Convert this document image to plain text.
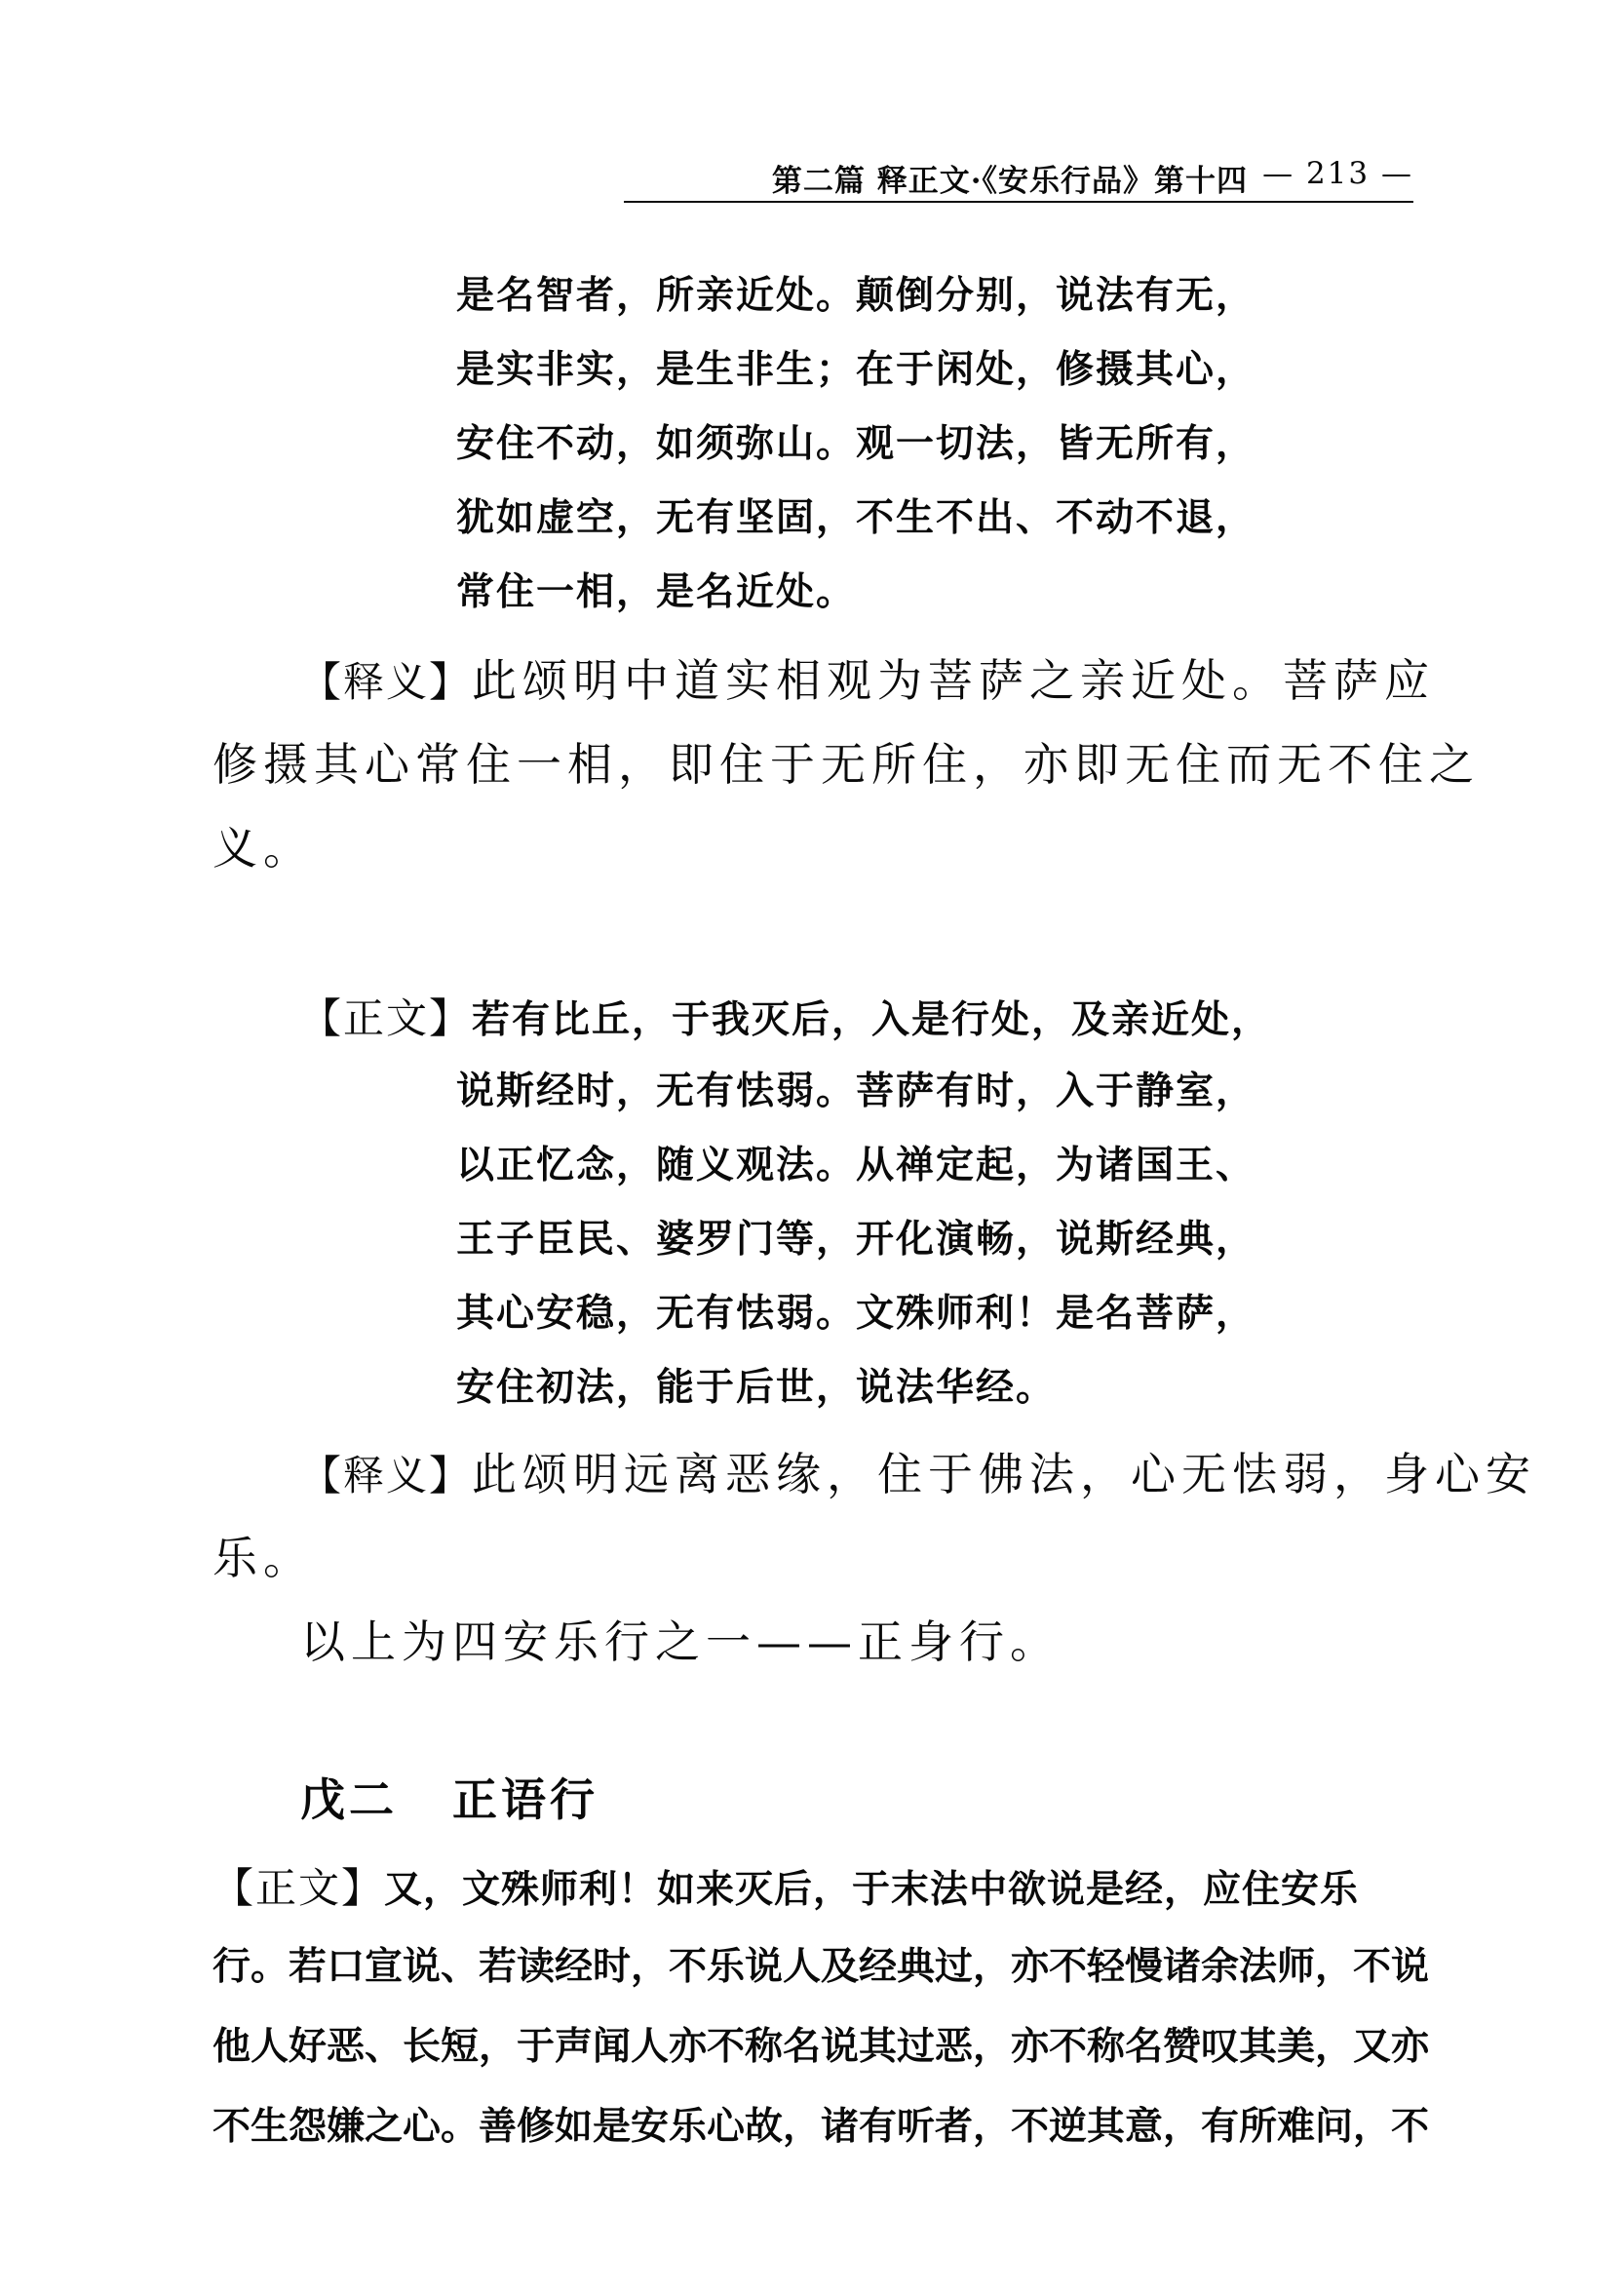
第二篇 释正文·《安乐行品》第十四 — 213 —
是名智者，所亲近处。颠倒分别，说法有无，
是实非实，是生非生；在于闲处，修摄其心，
安住不动，如须弥山。观一切法，皆无所有，
犹如虚空，无有坚固，不生不出、不动不退，
常住一相，是名近处。
【释义】此颂明中道实相观为菩萨之亲近处。菩萨应
修摄其心常住一相，即住于无所住，亦即无住而无不住之
义。
【正文】若有比丘，于我灭后，入是行处，及亲近处，
说斯经时，无有怯弱。菩萨有时，入于静室，
以正忆念，随义观法。从禅定起，为诸国王、
王子臣民、婆罗门等，开化演畅，说斯经典，
其心安稳，无有怯弱。文殊师利！是名菩萨，
安住初法，能于后世，说法华经。
【释义】此颂明远离恶缘，住于佛法，心无怯弱，身心安
乐。
以上为四安乐行之一——正身行。
戊二 正语行
【正文】又，文殊师利！如来灭后，于末法中欲说是经，应住安乐
行。若口宣说、若读经时，不乐说人及经典过，亦不轻慢诸余法师，不说
他人好恶、长短，于声闻人亦不称名说其过恶，亦不称名赞叹其美，又亦
不生怨嫌之心。善修如是安乐心故，诸有听者，不逆其意，有所难问，不
